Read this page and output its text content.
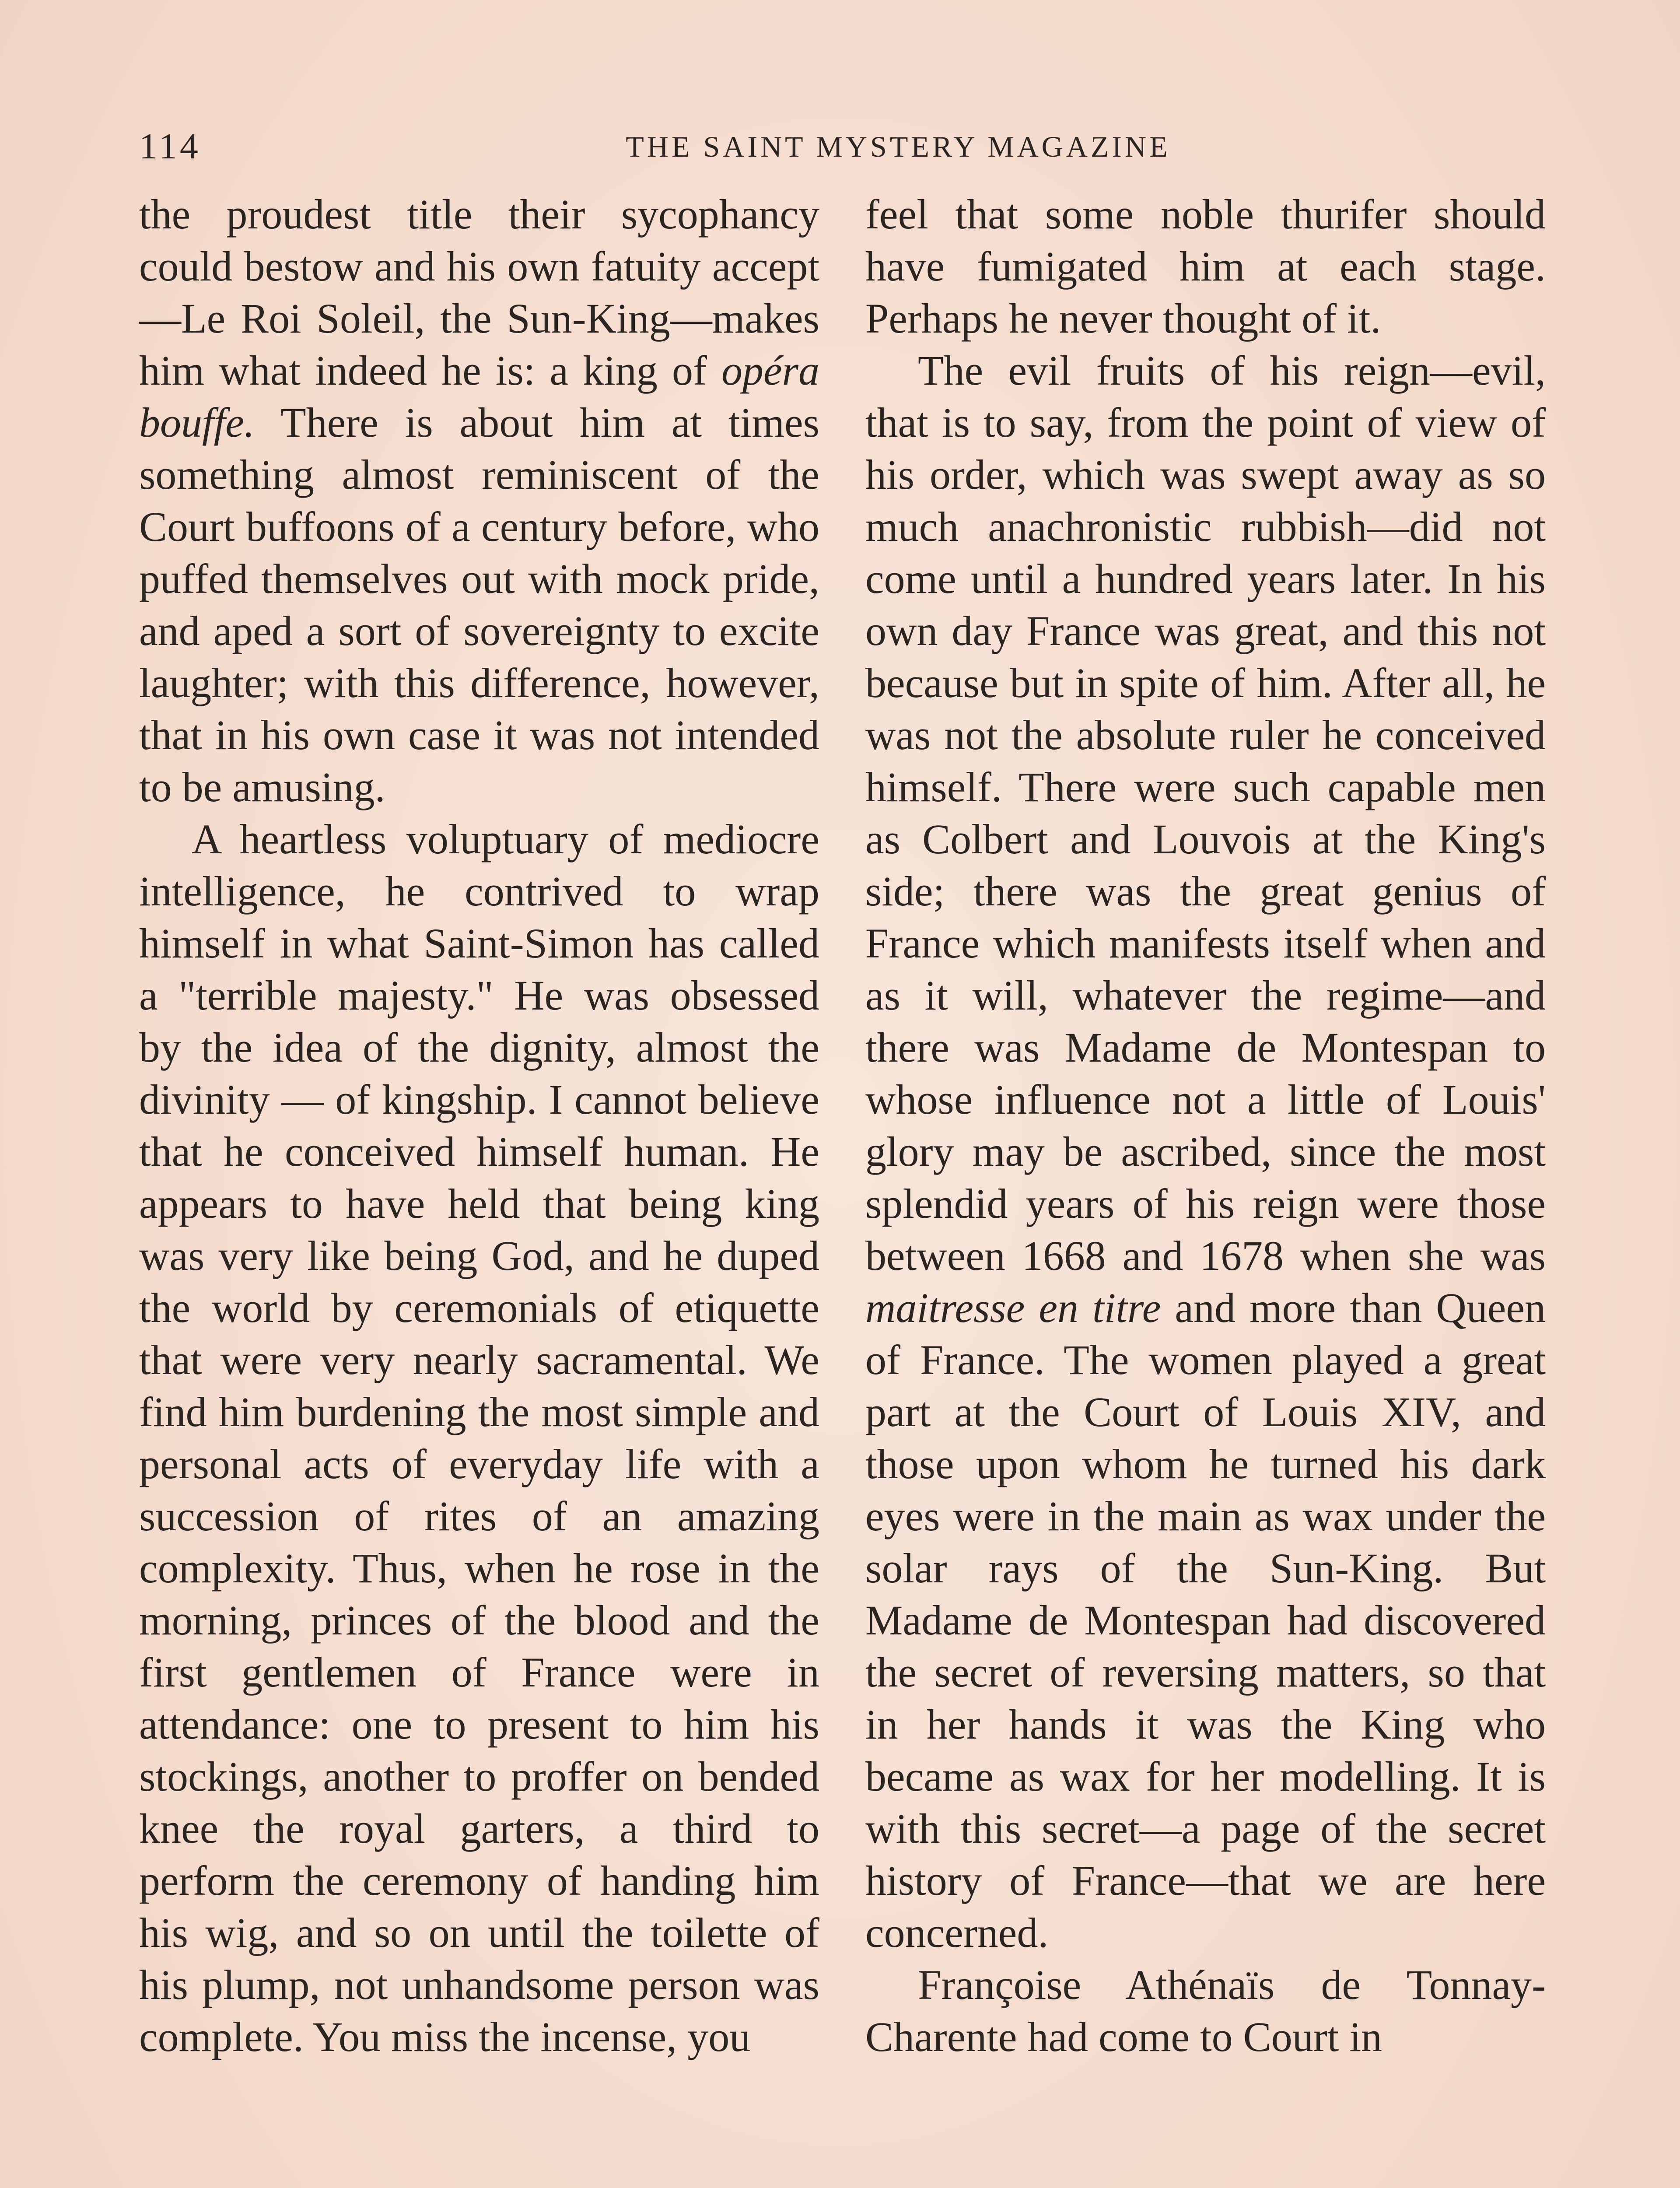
114	THE SAINT MYSTERY MAGAZINE

the proudest title their sycophancy could bestow and his own fatuity accept—Le Roi Soleil, the Sun-King—makes him what indeed he is: a king of opéra bouffe. There is about him at times something almost reminiscent of the Court buffoons of a century before, who puffed themselves out with mock pride, and aped a sort of sovereignty to excite laughter; with this difference, however, that in his own case it was not intended to be amusing.

A heartless voluptuary of mediocre intelligence, he contrived to wrap himself in what Saint-Simon has called a "terrible majesty." He was obsessed by the idea of the dignity, almost the divinity — of kingship. I cannot believe that he conceived himself human. He appears to have held that being king was very like being God, and he duped the world by ceremonials of etiquette that were very nearly sacramental. We find him burdening the most simple and personal acts of everyday life with a succession of rites of an amazing complexity. Thus, when he rose in the morning, princes of the blood and the first gentlemen of France were in attendance: one to present to him his stockings, another to proffer on bended knee the royal garters, a third to perform the ceremony of handing him his wig, and so on until the toilette of his plump, not unhandsome person was complete. You miss the incense, you

feel that some noble thurifer should have fumigated him at each stage. Perhaps he never thought of it.

The evil fruits of his reign—evil, that is to say, from the point of view of his order, which was swept away as so much anachronistic rubbish—did not come until a hundred years later. In his own day France was great, and this not because but in spite of him. After all, he was not the absolute ruler he conceived himself. There were such capable men as Colbert and Louvois at the King's side; there was the great genius of France which manifests itself when and as it will, whatever the regime—and there was Madame de Montespan to whose influence not a little of Louis' glory may be ascribed, since the most splendid years of his reign were those between 1668 and 1678 when she was maitresse en titre and more than Queen of France. The women played a great part at the Court of Louis XIV, and those upon whom he turned his dark eyes were in the main as wax under the solar rays of the Sun-King. But Madame de Montespan had discovered the secret of reversing matters, so that in her hands it was the King who became as wax for her modelling. It is with this secret—a page of the secret history of France—that we are here concerned.

Françoise Athénaïs de Tonnay-Charente had come to Court in
